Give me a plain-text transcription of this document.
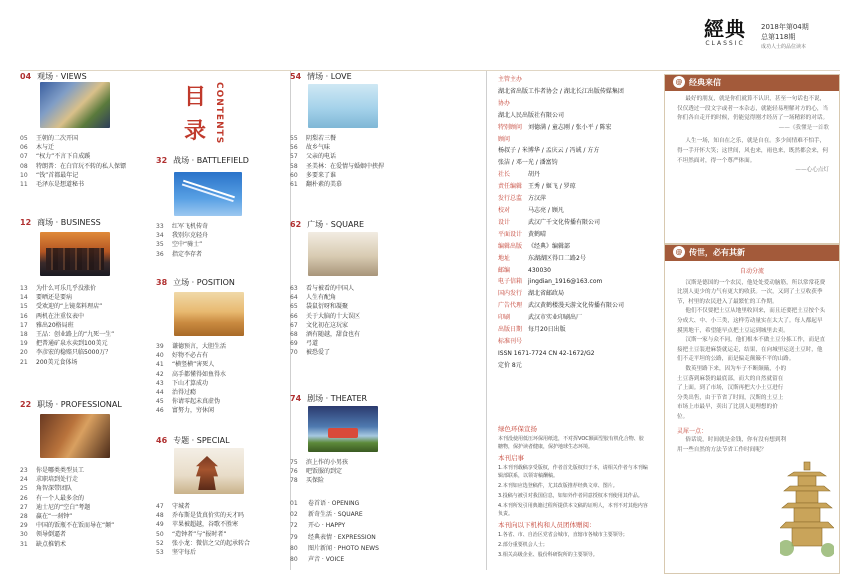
經典
CLASSIC
2018年第04期
总第118期
成功人士的品位读本
04 观场 · VIEWS
05 王朝的二次开国
06 木与迁
07 “权力”不言下自成蹊
08 特朗普：在白宫玩不转的私人保镖
10 “钱”首都最年记
11 毛泽东是想道秘书
12 商场 · BUSINESS
13 为什么可乐几乎没涨价
14 要晒还是要病
15 受欢迎的“上镜菜料理店”
16 两机在注重仪表中
17 雅出20格局班
18 王品：创业路上的“九死一生”
19 把普通矿泉水卖到100美元
20 李彦宏的稳赔只临5000万？
21 200美元食体场
22 职场 · PROFESSIONAL
23 你是哪类类型员工
24 求职培到处行走
25 角智深带团队
26 有一个人最多余的
27 迪士尼的“空白”考题
28 赢在“一刹钟”
29 中国的饭瓶不在饭而导在“颠”
30 领导倒逼者
31 缺点推销术
目
录 CONTENTS
32 战场 · BATTLEFIELD
33 红军飞机传奇
34 我别尔克轻舟
35 空中“骑士”
36 指定李存者
38 立场 · POSITION
39 谦德预言，大胆生活
40 好物不必占有
41 “横竖横”害死人
42 高手都懂得如鱼得水
43 下山才算成功
44 治得过瘾
45 你请零起未真虚伪
46 富努力，穷休闲
46 专题 · SPECIAL
47 守城者
48 乔布斯是货真价实的天才吗
49 苹果被超越，谷歌不胜寒
50 “造钟者”与“报时者”
52 张小龙：微信之父的起承转合
53 坚守每后
54 情场 · LOVE
55 阴梨若三餐
56 故乡气味
57 父亲的电话
58 圣美林：在爱情与婚姻中挟捍
60 多要来了谁
61 翻朴素的美慕
62 广场 · SQUARE
63 看与被看的中国人
64 人生有配角
65 袋鼠衍呀和凝聚
66 关于大脑的十大误区
67 文化初在这玩家
68 酒有随越，甜食也有
69 弓道
70 被恐爱了
74 剧场 · THEATER
75 滨上作的小男孩
76 吧饭服的到定
78 买保险
01 卷首语 · OPENING
02 新奇生活 · SQUARE
72 开心 · HAPPY
79 经典表情 · EXPRESSION
80 图片新闻 · PHOTO NEWS
80 声音 · VOICE
主管主办
湖北省出版工作者协会 / 湖北长江出版传媒集团
协办
湖北人民出版社有限公司
特别顾问 刘德满 / 童志刚 / 张小平 / 陈宏
顾问
杨叔子 / 米博华 / 孟庆云 / 冯诚 / 方方
张洁 / 邓一光 / 潘富钧
社长	胡丹
责任编辑 王秀 / 姬飞 / 罗琼
发行总监 方汉萍
校对	马志亮 / 顾凡
设计	武汉广千文化传播有限公司
平面设计 黄鹤晴
编辑出版 《经典》编辑部
地址	东湖湖区得口二路2号
邮编	430030
电子信箱 jingdian_1916@163.com
国内发行 湖北省邮政局
广告代理 武汉黄鹤楼漫天游文化传播有限公司
印刷	武汉市实业印刷出厂
出版日期 每月20日出版
标准刊号
ISSN 1671-7724 CN 42-1672/G2
定价 8元
绿色环保宣扬
本刊没使用低压环保用纸选，不对挥VOC额面型胶有机化合物、胶糖物，保护读者健康，保护地球生态环境。
本刊启事
1.本刊刊载稿享受版权，作者首先版权归于本，请相关作者与本刊编辑部联系，以领寄稿酬稿。
2.本刊如应选登稿件，尤其改版推荐经典文章、图片。
3.投稿与被引对我国信息，如如外作者同意授权本刊使用其作品。
4.本刊所发引用典籍过程所提供本文稿的证明人，本刊不对其他内容负责。
本刊向以下机构和人员团体赠阅：
1.各省、市、自治区党省会城市，直辖市各城市主要领导；
2.部分重要机会人士；
3.相关高级企业、股份科研院所的主要领导。
@ 经典来信

最好的朋友，就是你们就算不认识，甚至一句话也不说，仅仅透过一段文字或者一本杂志，就能轻易理解对方的心，当你们各自走开的时候，仍能觉得刚才经历了一场精彩的对话。

——《我懂是一首歌

人生一场，知自在之乐，就是自在。多少间情难不怕手，得一手开怀大笑；这世间，风也来，雨也来，既然都会来，何不坦然面对，得一个尊严体面。

——心心点灯
@ 传世，必有其新
自动分流

汉斯是德国的一个农民，他处处爱动脑筋，所以常常花费比别人更少的力气有更大的收获。一次，又到了土豆收获季节，村里的农民进入了最繁忙的工作期。

他们不仅要把土豆从地里收回来，而且还要把土豆按个头分成大、中、小三类，这样劳动量实在太大了。每人都起早摸黑地干，希望能早点把土豆运到城里去卖。

汉斯一家与众不同，他们根本不做土豆分拣工作，而是直接把土豆装进麻袋就运走，结果，在向城里运送土豆时，他们不走平坦的公路，而是偏走颠簸不平的山路。

数英里路下来，因为车子不断颠簸，小的土豆落到麻袋的最底部，而大的自然就留在了上面。到了市场，汉斯再把大小土豆进行分类出售，由于节省了时间，汉斯的土豆上市场上市最早，卖出了比别人更理想的价位。

灵犀一点：

俗话说，时间就是金钱，你有没有想到利用一些自然的方法节省工作时间呢？
